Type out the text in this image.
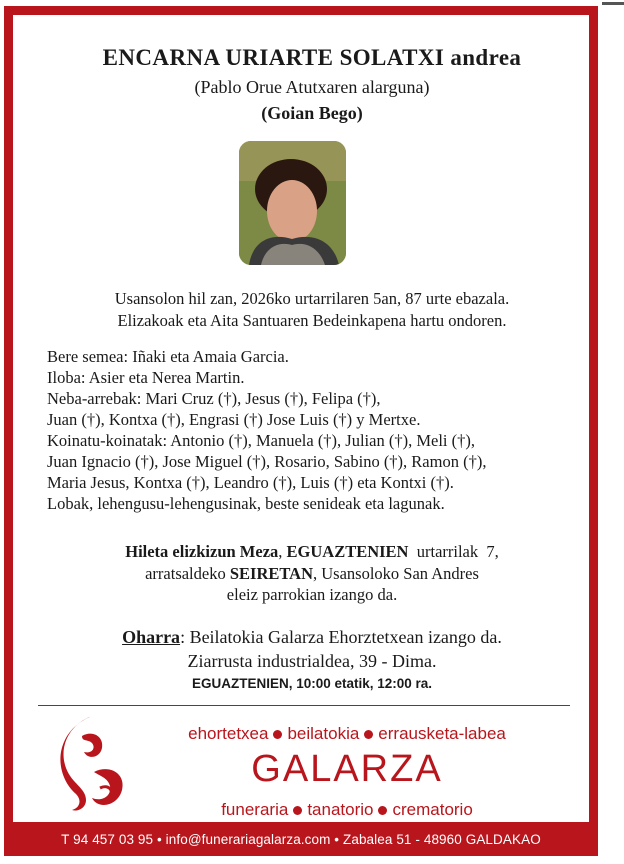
ENCARNA URIARTE SOLATXI andrea
(Pablo Orue Atutxaren alarguna)
(Goian Bego)
Usansolon hil zan, 2026ko urtarrilaren 5an, 87 urte ebazala.
Elizakoak eta Aita Santuaren Bedeinkapena hartu ondoren.
Bere semea: Iñaki eta Amaia Garcia.
Iloba: Asier eta Nerea Martin.
Neba-arrebak: Mari Cruz (†), Jesus (†), Felipa (†),
Juan (†), Kontxa (†), Engrasi (†) Jose Luis (†) y Mertxe.
Koinatu-koinatak: Antonio (†), Manuela (†), Julian (†), Meli (†),
Juan Ignacio (†), Jose Miguel (†), Rosario, Sabino (†), Ramon (†),
Maria Jesus, Kontxa (†), Leandro (†), Luis (†) eta Kontxi (†).
Lobak, lehengusu-lehengusinak, beste senideak eta lagunak.
Hileta elizkizun Meza, EGUAZTENIEN  urtarrilak  7,
arratsaldeko SEIRETAN, Usansoloko San Andres
eleiz parrokian izango da.
Oharra: Beilatokia Galarza Ehorztetxean izango da.
Ziarrusta industrialdea, 39 - Dima.
EGUAZTENIEN, 10:00 etatik, 12:00 ra.
ehortetxea beilatokia errausketa-labea
GALARZA
funeraria tanatorio crematorio
T 94 457 03 95 • info@funerariagalarza.com • Zabalea 51 - 48960 GALDAKAO
